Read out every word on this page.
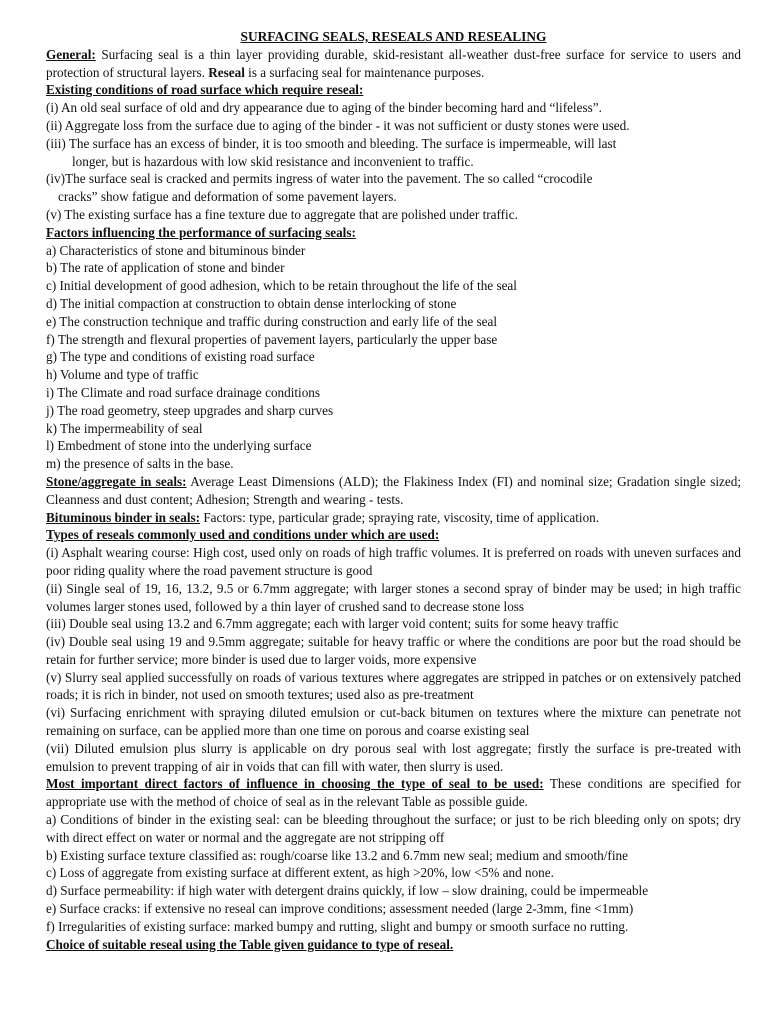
SURFACING SEALS, RESEALS AND RESEALING

General: Surfacing seal is a thin layer providing durable, skid-resistant all-weather dust-free surface for service to users and protection of structural layers. Reseal is a surfacing seal for maintenance purposes.

Existing conditions of road surface which require reseal:
(i) An old seal surface of old and dry appearance due to aging of the binder becoming hard and “lifeless”.
(ii) Aggregate loss from the surface due to aging of the binder - it was not sufficient or dusty stones were used.
(iii) The surface has an excess of binder, it is too smooth and bleeding. The surface is impermeable, will last
longer, but is hazardous with low skid resistance and inconvenient to traffic.
(iv)The surface seal is cracked and permits ingress of water into the pavement. The so called “crocodile
cracks” show fatigue and deformation of some pavement layers.
(v) The existing surface has a fine texture due to aggregate that are polished under traffic.
Factors influencing the performance of surfacing seals:
a) Characteristics of stone and bituminous binder
b) The rate of application of stone and binder
c) Initial development of good adhesion, which to be retain throughout the life of the seal
d) The initial compaction at construction to obtain dense interlocking of stone
e) The construction technique and traffic during construction and early life of the seal
f) The strength and flexural properties of pavement layers, particularly the upper base
g) The type and conditions of existing road surface
h) Volume and type of traffic
i) The Climate and road surface drainage conditions
j) The road geometry, steep upgrades and sharp curves
k) The impermeability of seal
l) Embedment of stone into the underlying surface
m) the presence of salts in the base.

Stone/aggregate in seals: Average Least Dimensions (ALD); the Flakiness Index (FI) and nominal size; Gradation single sized; Cleanness and dust content; Adhesion; Strength and wearing - tests.

Bituminous binder in seals: Factors: type, particular grade; spraying rate, viscosity, time of application.

Types of reseals commonly used and conditions under which are used:

(i) Asphalt wearing course: High cost, used only on roads of high traffic volumes. It is preferred on roads with uneven surfaces and poor riding quality where the road pavement structure is good

(ii) Single seal of 19, 16, 13.2, 9.5 or 6.7mm aggregate; with larger stones a second spray of binder may be used; in high traffic volumes larger stones used, followed by a thin layer of crushed sand to decrease stone loss

(iii) Double seal using 13.2 and 6.7mm aggregate; each with larger void content; suits for some heavy traffic

(iv) Double seal using 19 and 9.5mm aggregate; suitable for heavy traffic or where the conditions are poor but the road should be retain for further service; more binder is used due to larger voids, more expensive

(v) Slurry seal applied successfully on roads of various textures where aggregates are stripped in patches or on extensively patched roads; it is rich in binder, not used on smooth textures; used also as pre-treatment

(vi) Surfacing enrichment with spraying diluted emulsion or cut-back bitumen on textures where the mixture can penetrate not remaining on surface, can be applied more than one time on porous and coarse existing seal

(vii) Diluted emulsion plus slurry is applicable on dry porous seal with lost aggregate; firstly the surface is pre-treated with emulsion to prevent trapping of air in voids that can fill with water, then slurry is used.

Most important direct factors of influence in choosing the type of seal to be used: These conditions are specified for appropriate use with the method of choice of seal as in the relevant Table as possible guide.

a) Conditions of binder in the existing seal: can be bleeding throughout the surface; or just to be rich bleeding only on spots; dry with direct effect on water or normal and the aggregate are not stripping off

b) Existing surface texture classified as: rough/coarse like 13.2 and 6.7mm new seal; medium and smooth/fine
c) Loss of aggregate from existing surface at different extent, as high >20%, low <5% and none.
d) Surface permeability: if high water with detergent drains quickly, if low – slow draining, could be impermeable
e) Surface cracks: if extensive no reseal can improve conditions; assessment needed (large 2-3mm, fine <1mm)
f) Irregularities of existing surface: marked bumpy and rutting, slight and bumpy or smooth surface no rutting.
Choice of suitable reseal using the Table given guidance to type of reseal.
